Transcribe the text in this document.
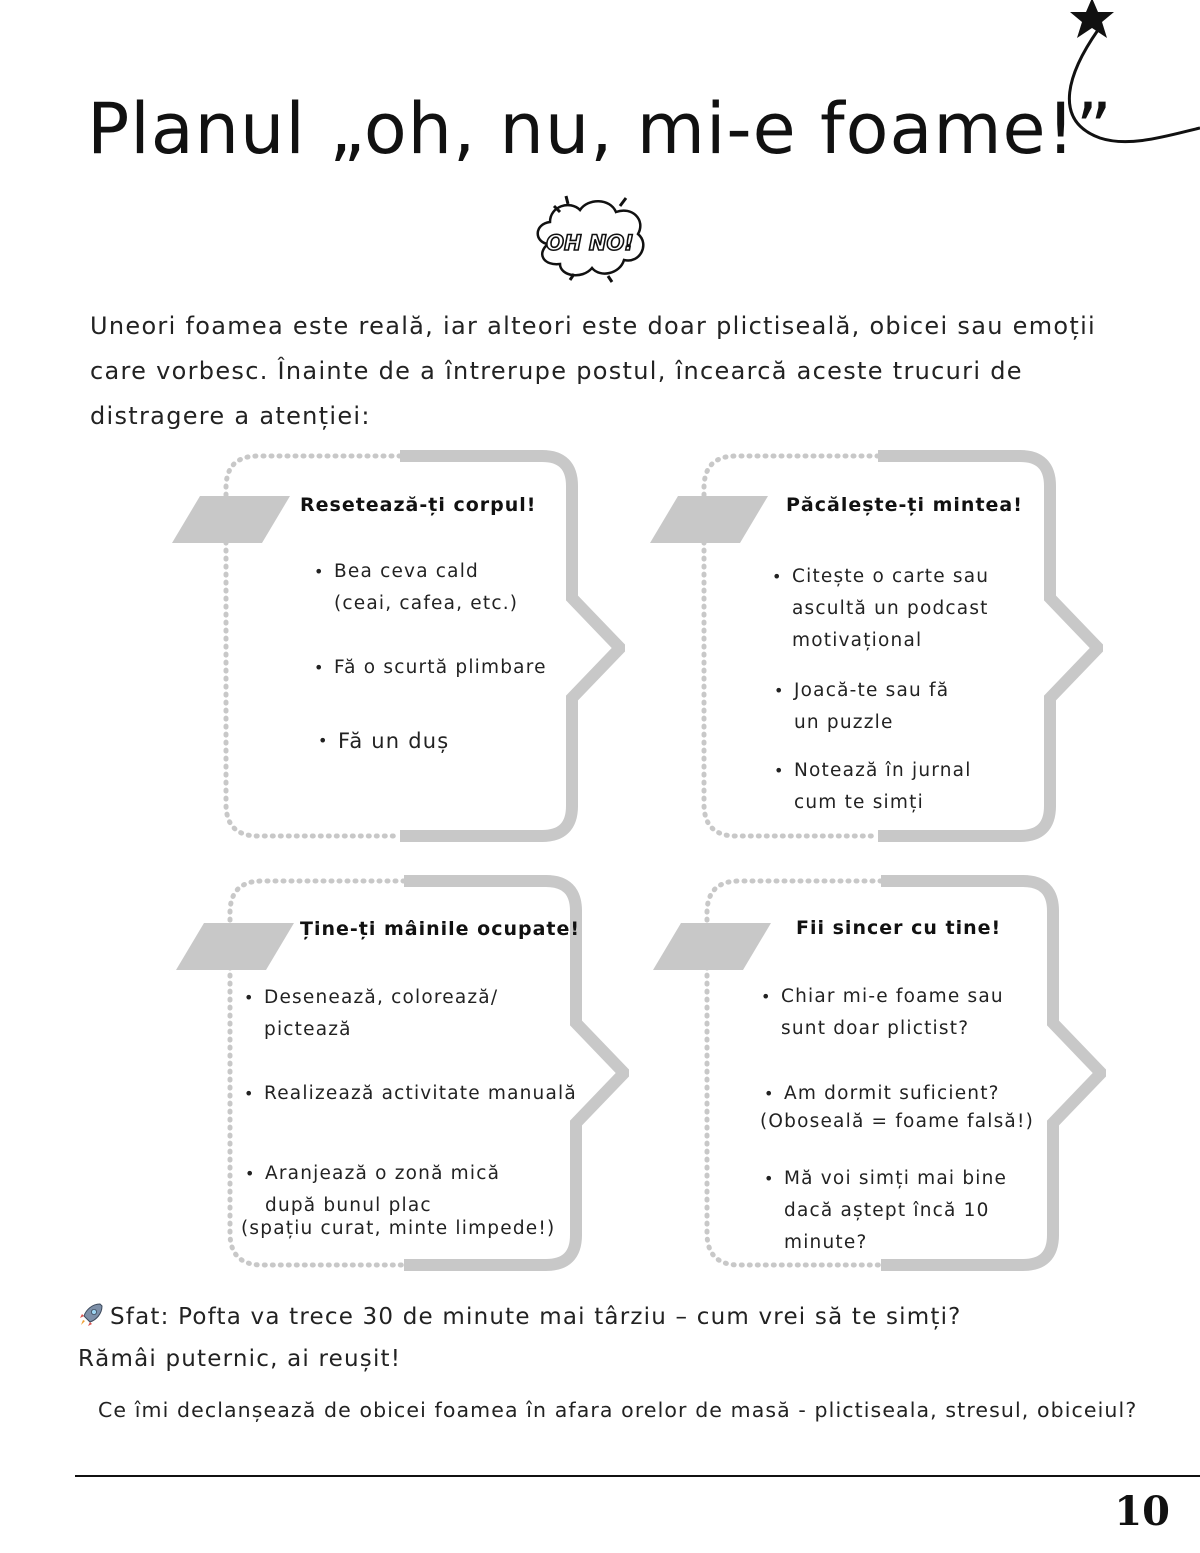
Planul „oh, nu, mi-e foame!”
OH NO!

Uneori foamea este reală, iar alteori este doar plictiseală, obicei sau emoții care vorbesc. Înainte de a întrerupe postul, încearcă aceste trucuri de distragere a atenției:

Resetează-ți corpul!
• Bea ceva cald
(ceai, cafea, etc.)
• Fă o scurtă plimbare
• Fă un duș
Păcălește-ți mintea!
• Citește o carte sau
ascultă un podcast
motivațional
• Joacă-te sau fă
un puzzle
• Notează în jurnal
cum te simți
Ține-ți mâinile ocupate!
• Desenează, colorează/
pictează
• Realizează activitate manuală
• Aranjează o zonă mică
după bunul plac
(spațiu curat, minte limpede!)
Fii sincer cu tine!
• Chiar mi-e foame sau
sunt doar plictist?
• Am dormit suficient?
(Oboseală = foame falsă!)
• Mă voi simți mai bine
dacă aștept încă 10
minute?

Sfat: Pofta va trece 30 de minute mai târziu – cum vrei să te simți?
Rămâi puternic, ai reușit!

Ce îmi declanșează de obicei foamea în afara orelor de masă - plictiseala, stresul, obiceiul?

10
